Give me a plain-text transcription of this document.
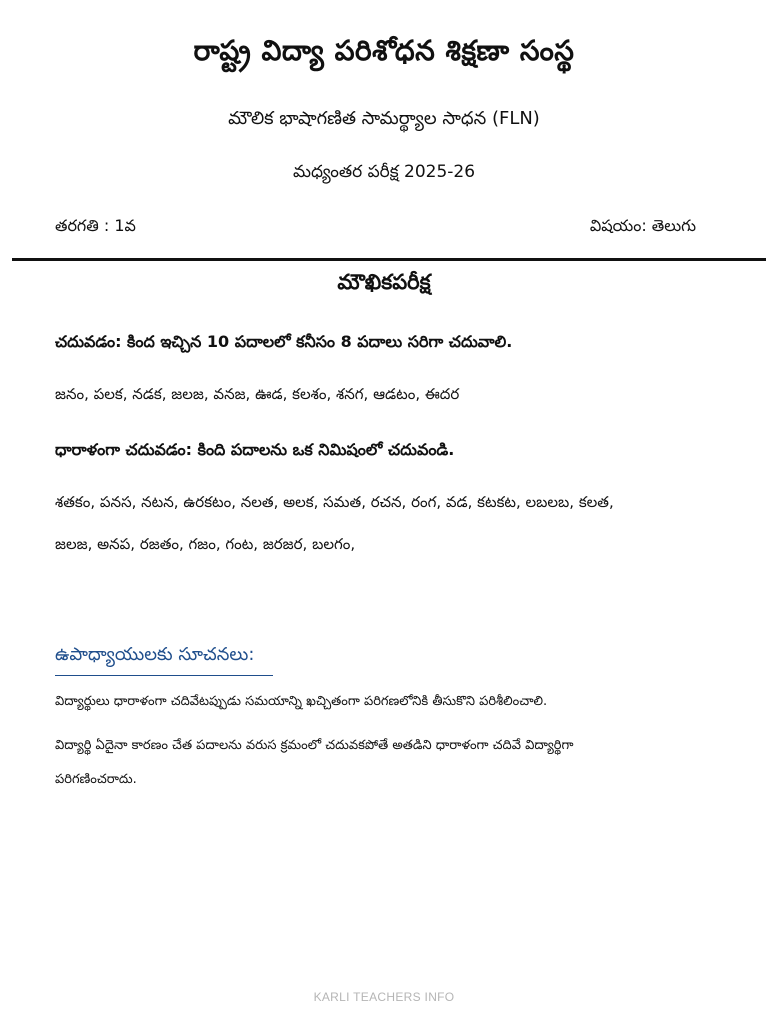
రాష్ట్ర విద్యా పరిశోధన శిక్షణా సంస్థ
మౌలిక భాషాగణిత సామర్థ్యాల సాధన (FLN)
మధ్యంతర పరీక్ష 2025-26
తరగతి : 1వ	విషయం: తెలుగు
మౌఖికపరీక్ష
చదువడం: కింద ఇచ్చిన 10 పదాలలో కనీసం 8 పదాలు సరిగా చదువాలి.
జనం, పలక, నడక, జలజ, వనజ, ఊడ, కలశం, శనగ, ఆడటం, ఈదర
ధారాళంగా చదువడం: కింది పదాలను ఒక నిమిషంలో చదువండి.
శతకం, పనస, నటన, ఉరకటం, నలత, అలక, సమత, రచన, రంగ, వడ, కటకట, లబలబ, కలత,
జలజ, అనప, రజతం, గజం, గంట, జరజర, బలగం,
ఉపాధ్యాయులకు సూచనలు:
విద్యార్థులు ధారాళంగా చదివేటప్పుడు సమయాన్ని ఖచ్చితంగా పరిగణలోనికి తీసుకొని పరిశీలించాలి.
విద్యార్థి ఏదైనా కారణం చేత పదాలను వరుస క్రమంలో చదువకపోతే అతడిని ధారాళంగా చదివే విద్యార్థిగా
పరిగణించరాదు.
KARLI TEACHERS INFO
